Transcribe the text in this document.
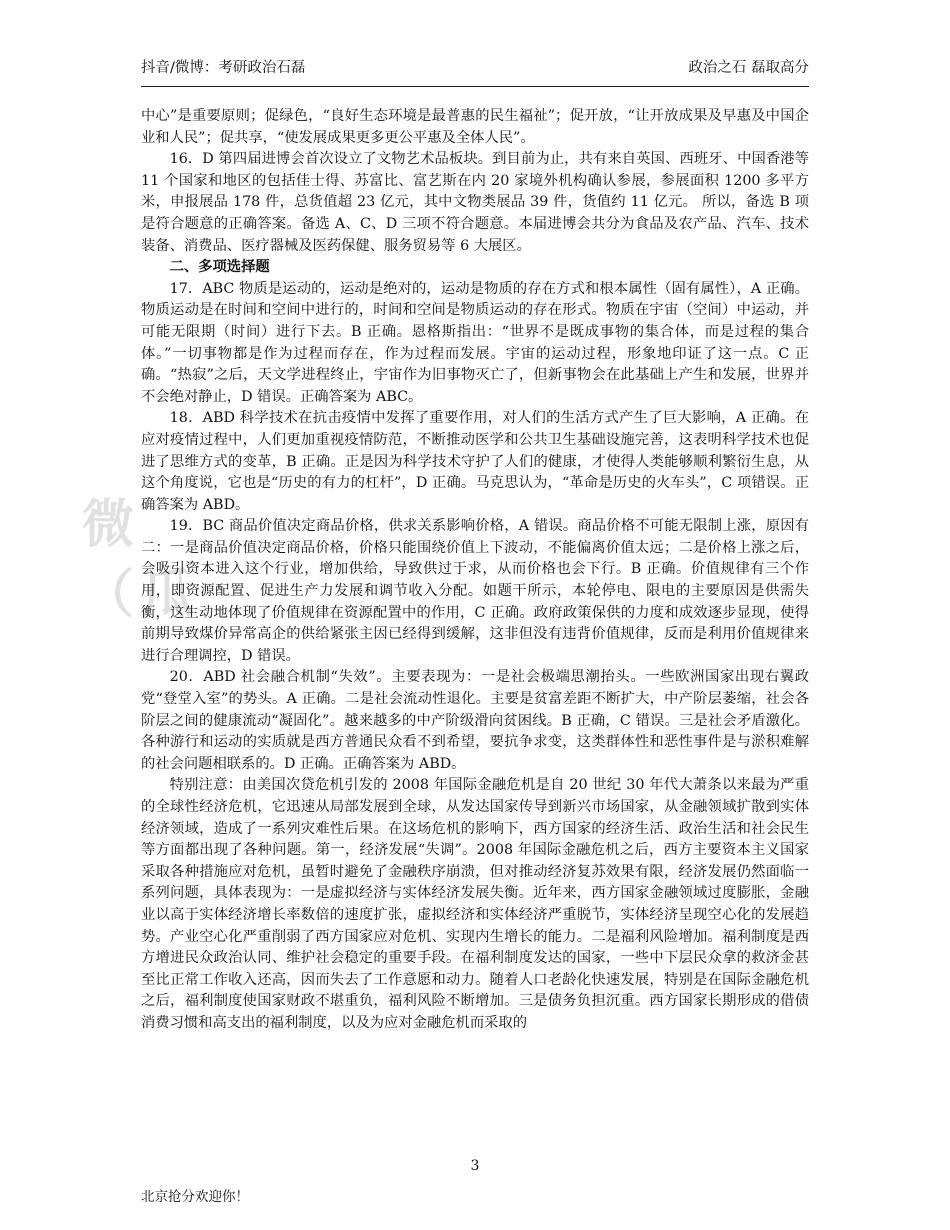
抖音/微博：考研政治石磊	政治之石 磊取高分
微
（瓜

中心”是重要原则；促绿色，“良好生态环境是最普惠的民生福祉”；促开放，“让开放成果及早惠及中国企业和人民”；促共享，“使发展成果更多更公平惠及全体人民”。

16．D 第四届进博会首次设立了文物艺术品板块。到目前为止，共有来自英国、西班牙、中国香港等 11 个国家和地区的包括佳士得、苏富比、富艺斯在内 20 家境外机构确认参展，参展面积 1200 多平方米，申报展品 178 件，总货值超 23 亿元，其中文物类展品 39 件，货值约 11 亿元。 所以，备选 B 项是符合题意的正确答案。备选 A、C、D 三项不符合题意。本届进博会共分为食品及农产品、汽车、技术装备、消费品、医疗器械及医药保健、服务贸易等 6 大展区。

二、多项选择题

17．ABC 物质是运动的，运动是绝对的，运动是物质的存在方式和根本属性（固有属性），A 正确。物质运动是在时间和空间中进行的，时间和空间是物质运动的存在形式。物质在宇宙（空间）中运动，并可能无限期（时间）进行下去。B 正确。恩格斯指出：“世界不是既成事物的集合体，而是过程的集合体。”一切事物都是作为过程而存在，作为过程而发展。宇宙的运动过程，形象地印证了这一点。C 正确。“热寂”之后，天文学进程终止，宇宙作为旧事物灭亡了，但新事物会在此基础上产生和发展，世界并不会绝对静止，D 错误。正确答案为 ABC。

18．ABD 科学技术在抗击疫情中发挥了重要作用，对人们的生活方式产生了巨大影响，A 正确。在应对疫情过程中，人们更加重视疫情防范，不断推动医学和公共卫生基础设施完善，这表明科学技术也促进了思维方式的变革，B 正确。正是因为科学技术守护了人们的健康，才使得人类能够顺利繁衍生息，从这个角度说，它也是“历史的有力的杠杆”，D 正确。马克思认为，“革命是历史的火车头”，C 项错误。正确答案为 ABD。

19．BC 商品价值决定商品价格，供求关系影响价格，A 错误。商品价格不可能无限制上涨，原因有二：一是商品价值决定商品价格，价格只能围绕价值上下波动，不能偏离价值太远；二是价格上涨之后，会吸引资本进入这个行业，增加供给，导致供过于求，从而价格也会下行。B 正确。价值规律有三个作用，即资源配置、促进生产力发展和调节收入分配。如题干所示，本轮停电、限电的主要原因是供需失衡，这生动地体现了价值规律在资源配置中的作用，C 正确。政府政策保供的力度和成效逐步显现，使得前期导致煤价异常高企的供给紧张主因已经得到缓解，这非但没有违背价值规律，反而是利用价值规律来进行合理调控，D 错误。

20．ABD 社会融合机制“失效”。主要表现为：一是社会极端思潮抬头。一些欧洲国家出现右翼政党“登堂入室”的势头。A 正确。二是社会流动性退化。主要是贫富差距不断扩大，中产阶层萎缩，社会各阶层之间的健康流动“凝固化”。越来越多的中产阶级滑向贫困线。B 正确，C 错误。三是社会矛盾激化。各种游行和运动的实质就是西方普通民众看不到希望，要抗争求变，这类群体性和恶性事件是与淤积难解的社会问题相联系的。D 正确。正确答案为 ABD。

特别注意：由美国次贷危机引发的 2008 年国际金融危机是自 20 世纪 30 年代大萧条以来最为严重的全球性经济危机，它迅速从局部发展到全球，从发达国家传导到新兴市场国家，从金融领域扩散到实体经济领域，造成了一系列灾难性后果。在这场危机的影响下，西方国家的经济生活、政治生活和社会民生等方面都出现了各种问题。第一，经济发展“失调”。2008 年国际金融危机之后，西方主要资本主义国家采取各种措施应对危机，虽暂时避免了金融秩序崩溃，但对推动经济复苏效果有限，经济发展仍然面临一系列问题，具体表现为：一是虚拟经济与实体经济发展失衡。近年来，西方国家金融领域过度膨胀，金融业以高于实体经济增长率数倍的速度扩张，虚拟经济和实体经济严重脱节，实体经济呈现空心化的发展趋势。产业空心化严重削弱了西方国家应对危机、实现内生增长的能力。二是福利风险增加。福利制度是西方增进民众政治认同、维护社会稳定的重要手段。在福利制度发达的国家，一些中下层民众拿的救济金甚至比正常工作收入还高，因而失去了工作意愿和动力。随着人口老龄化快速发展，特别是在国际金融危机之后，福利制度使国家财政不堪重负，福利风险不断增加。三是债务负担沉重。西方国家长期形成的借债消费习惯和高支出的福利制度，以及为应对金融危机而采取的

3
北京抢分欢迎你！
